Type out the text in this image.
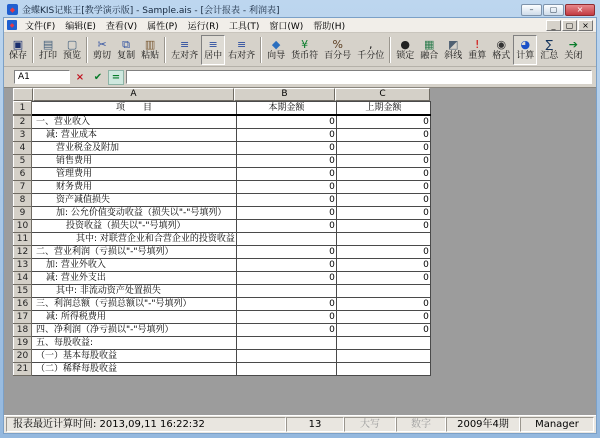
◆ 金蝶KIS记账王[教学演示版] - Sample.ais - [会计报表 - 利润表]	–	▢	×
◆	文件(F)	编辑(E)	查看(V)	属性(P)	运行(R)	工具(T)	窗口(W)	帮助(H)	_	▢	×
▣
保存
▤
打印
▢
预览
✂
剪切
⧉
复制
▥
粘贴
≡
左对齐
≡
居中
≡
右对齐
◆
向导
¥
货币符
%
百分号
,
千分位
●
锁定
▦
融合
◩
斜线
!
重算
◉
格式
◕
计算
∑
汇总
➔
关闭
A1	× ✔ =
A	B	C
1	项　　目	本期金额	上期金额
2	一、营业收入	0	0
3	减: 营业成本	0	0
4	营业税金及附加	0	0
5	销售费用	0	0
6	管理费用	0	0
7	财务费用	0	0
8	资产减值损失	0	0
9	加: 公允价值变动收益（损失以"-"号填列）	0	0
10	投资收益（损失以"-"号填列）	0	0
11	其中: 对联营企业和合营企业的投资收益		
12	二、营业利润（亏损以"-"号填列）	0	0
13	加: 营业外收入	0	0
14	减: 营业外支出	0	0
15	其中: 非流动资产处置损失		
16	三、利润总额（亏损总额以"-"号填列）	0	0
17	减: 所得税费用	0	0
18	四、净利润（净亏损以"-"号填列）	0	0
19	五、每股收益:		
20	（一）基本每股收益		
21	（二）稀释每股收益		
报表最近计算时间: 2013,09,11 16:22:32	13	大写	数字	2009年4期	Manager
